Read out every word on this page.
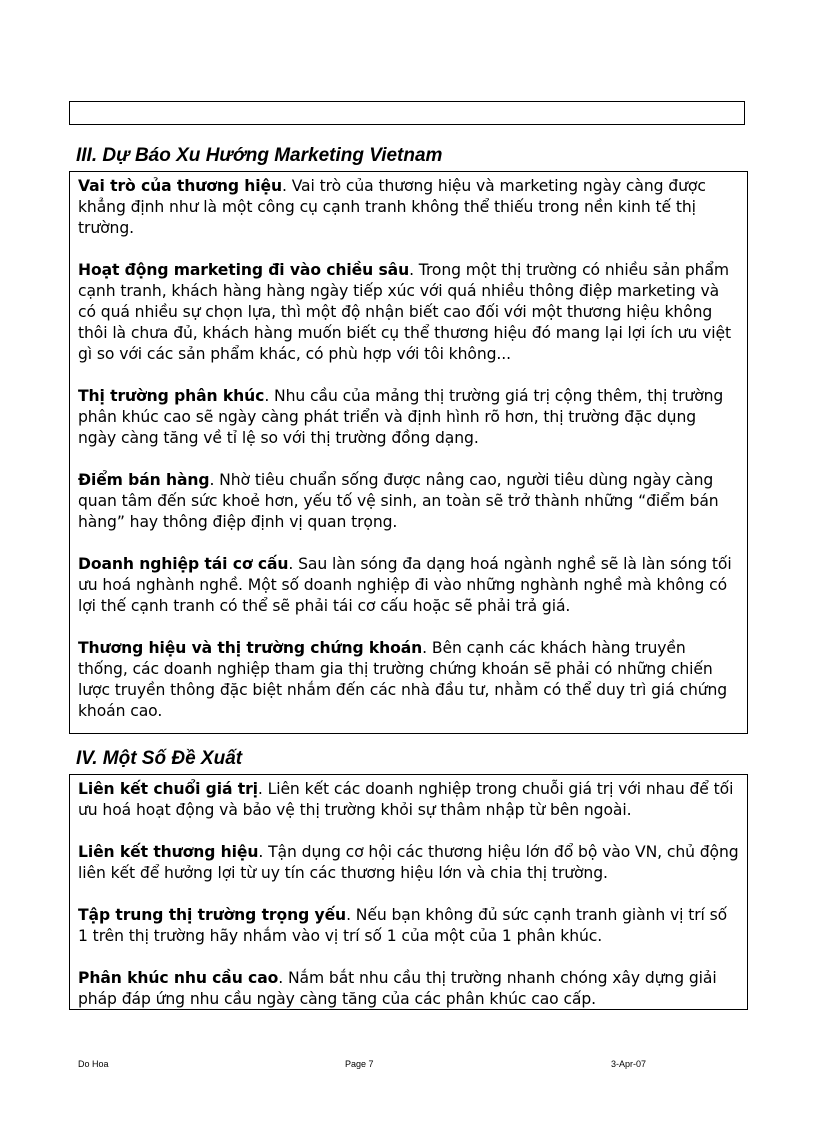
III. Dự Báo Xu Hướng Marketing Vietnam

Vai trò của thương hiệu. Vai trò của thương hiệu và marketing ngày càng được khẳng định như là một công cụ cạnh tranh không thể thiếu trong nền kinh tế thị trường.

Hoạt động marketing đi vào chiều sâu. Trong một thị trường có nhiều sản phẩm cạnh tranh, khách hàng hàng ngày tiếp xúc với quá nhiều thông điệp marketing và có quá nhiều sự chọn lựa, thì một độ nhận biết cao đối với một thương hiệu không thôi là chưa đủ, khách hàng muốn biết cụ thể thương hiệu đó mang lại lợi ích ưu việt gì so với các sản phẩm khác, có phù hợp với tôi không...

Thị trường phân khúc. Nhu cầu của mảng thị trường giá trị cộng thêm, thị trường phân khúc cao sẽ ngày càng phát triển và định hình rõ hơn, thị trường đặc dụng ngày càng tăng về tỉ lệ so với thị trường đồng dạng.

Điểm bán hàng. Nhờ tiêu chuẩn sống được nâng cao, người tiêu dùng ngày càng quan tâm đến sức khoẻ hơn, yếu tố vệ sinh, an toàn sẽ trở thành những “điểm bán hàng” hay thông điệp định vị quan trọng.

Doanh nghiệp tái cơ cấu. Sau làn sóng đa dạng hoá ngành nghề sẽ là làn sóng tối ưu hoá nghành nghề. Một số doanh nghiệp đi vào những nghành nghề mà không có lợi thế cạnh tranh có thể sẽ phải tái cơ cấu hoặc sẽ phải trả giá.

Thương hiệu và thị trường chứng khoán. Bên cạnh các khách hàng truyền thống, các doanh nghiệp tham gia thị trường chứng khoán sẽ phải có những chiến lược truyền thông đặc biệt nhắm đến các nhà đầu tư, nhằm có thể duy trì giá chứng khoán cao.

IV. Một Số Đề Xuất

Liên kết chuổi giá trị. Liên kết các doanh nghiệp trong chuỗi giá trị với nhau để tối ưu hoá hoạt động và bảo vệ thị trường khỏi sự thâm nhập từ bên ngoài.

Liên kết thương hiệu. Tận dụng cơ hội các thương hiệu lớn đổ bộ vào VN, chủ động liên kết để hưởng lợi từ uy tín các thương hiệu lớn và chia thị trường.

Tập trung thị trường trọng yếu. Nếu bạn không đủ sức cạnh tranh giành vị trí số 1 trên thị trường hãy nhắm vào vị trí số 1 của một của 1 phân khúc.

Phân khúc nhu cầu cao. Nắm bắt nhu cầu thị trường nhanh chóng xây dựng giải pháp đáp ứng nhu cầu ngày càng tăng của các phân khúc cao cấp.

Do Hoa	Page 7	3-Apr-07
